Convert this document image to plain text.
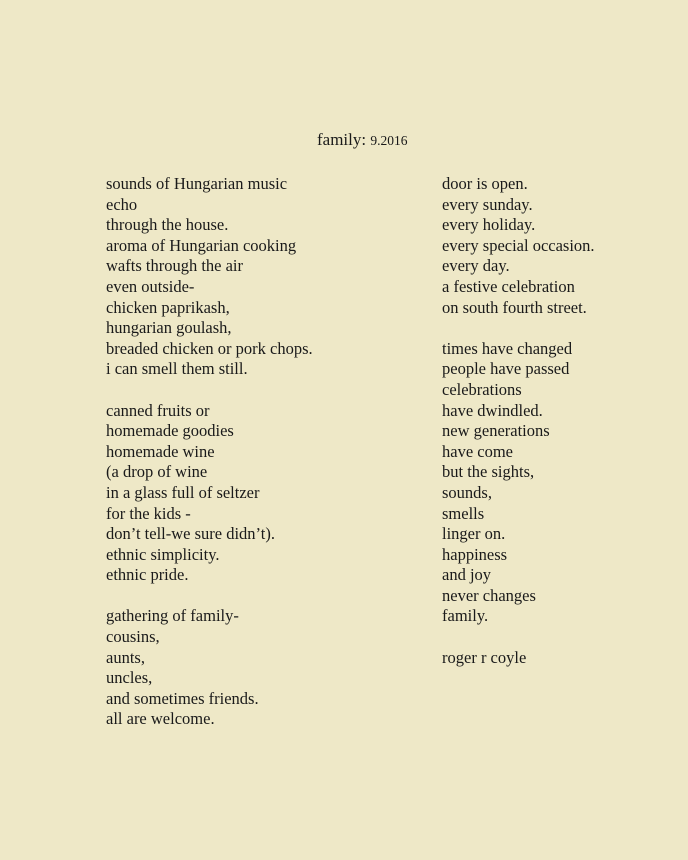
family: 9.2016
sounds of Hungarian music
echo
through the house.
aroma of Hungarian cooking
wafts through the air
even outside-
chicken paprikash,
hungarian goulash,
breaded chicken or pork chops.
i can smell them still.
canned fruits or
homemade goodies
homemade wine
(a drop of wine
in a glass full of seltzer
for the kids -
don’t tell-we sure didn’t).
ethnic simplicity.
ethnic pride.
gathering of family-
cousins,
aunts,
uncles,
and sometimes friends.
all are welcome.
door is open.
every sunday.
every holiday.
every special occasion.
every day.
a festive celebration
on south fourth street.
times have changed
people have passed
celebrations
have dwindled.
new generations
have come
but the sights,
sounds,
smells
linger on.
happiness
and joy
never changes
family.
roger r coyle
